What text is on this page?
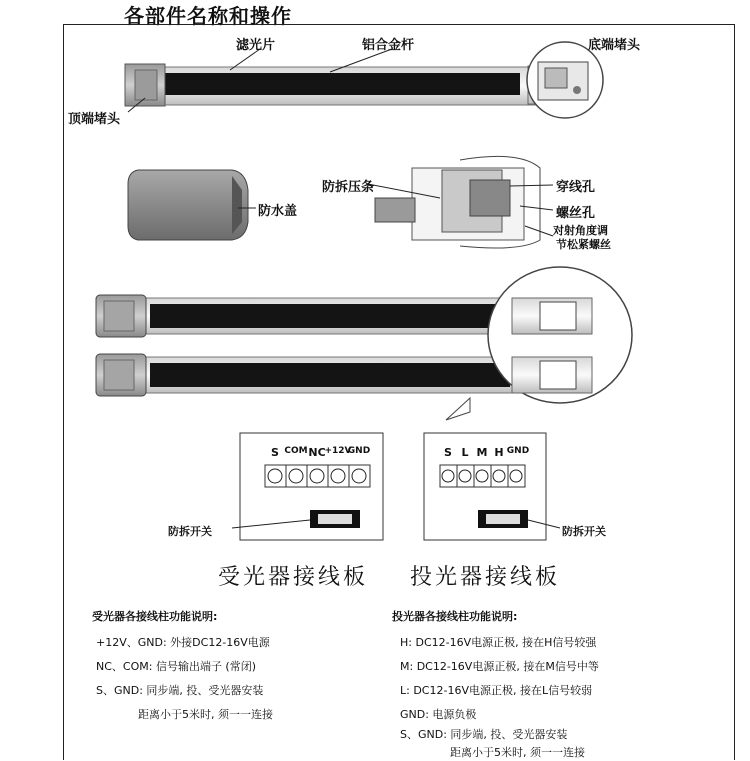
各部件名称和操作
滤光片	铝合金杆	底端堵头
顶端堵头
防水盖
防拆压条	穿线孔
螺丝孔
对射角度调
节松紧螺丝
S COM NC
+12V
GND
防拆开关
受光器接线板
S L M H GND
防拆开关
投光器接线板
受光器各接线柱功能说明:
+12V、GND: 外接DC12-16V电源
NC、COM: 信号输出端子 (常闭)
S、GND: 同步端, 投、受光器安装
距离小于5米时, 须一一连接
投光器各接线柱功能说明:
H: DC12-16V电源正极, 接在H信号较强
M: DC12-16V电源正极, 接在M信号中等
L: DC12-16V电源正极, 接在L信号较弱
GND: 电源负极
S、GND: 同步端, 投、受光器安装
距离小于5米时, 须一一连接
